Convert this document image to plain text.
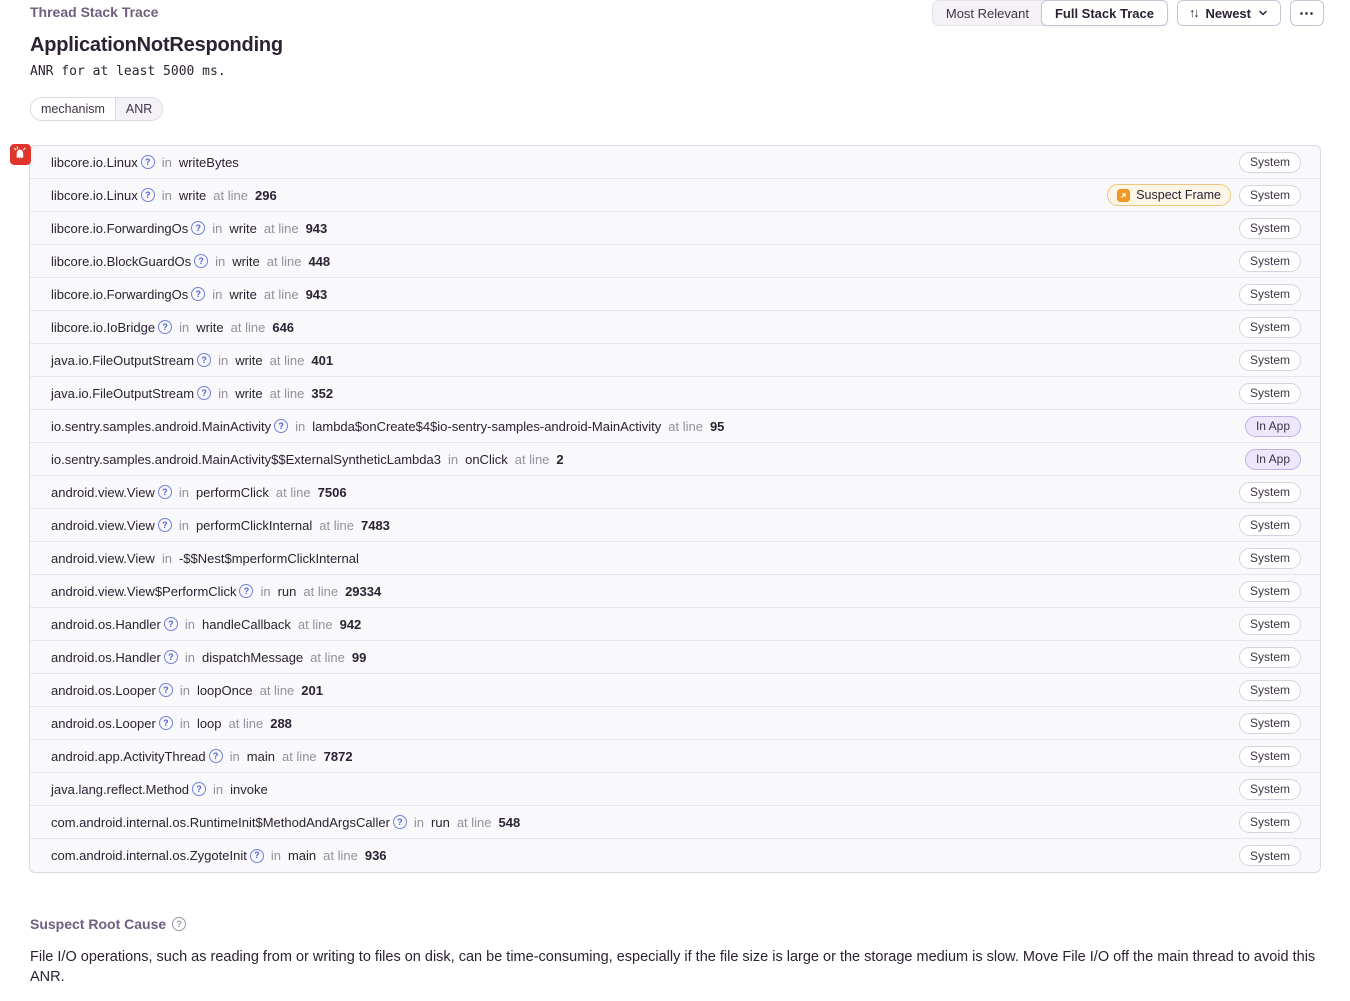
Thread Stack Trace	Most Relevant	Full Stack Trace	↑↓ Newest	⋯
ApplicationNotResponding
ANR for at least 5000 ms.
mechanism	ANR
libcore.io.Linux ? in writeBytes	System
libcore.io.Linux ? in write at line 296	Suspect Frame	System
libcore.io.ForwardingOs ? in write at line 943	System
libcore.io.BlockGuardOs ? in write at line 448	System
libcore.io.ForwardingOs ? in write at line 943	System
libcore.io.IoBridge ? in write at line 646	System
java.io.FileOutputStream ? in write at line 401	System
java.io.FileOutputStream ? in write at line 352	System
io.sentry.samples.android.MainActivity ? in lambda$onCreate$4$io-sentry-samples-android-MainActivity at line 95	In App
io.sentry.samples.android.MainActivity$$ExternalSyntheticLambda3 in onClick at line 2	In App
android.view.View ? in performClick at line 7506	System
android.view.View ? in performClickInternal at line 7483	System
android.view.View in -$$Nest$mperformClickInternal	System
android.view.View$PerformClick ? in run at line 29334	System
android.os.Handler ? in handleCallback at line 942	System
android.os.Handler ? in dispatchMessage at line 99	System
android.os.Looper ? in loopOnce at line 201	System
android.os.Looper ? in loop at line 288	System
android.app.ActivityThread ? in main at line 7872	System
java.lang.reflect.Method ? in invoke	System
com.android.internal.os.RuntimeInit$MethodAndArgsCaller ? in run at line 548	System
com.android.internal.os.ZygoteInit ? in main at line 936	System
Suspect Root Cause	?
File I/O operations, such as reading from or writing to files on disk, can be time-consuming, especially if the file size is large or the storage medium is slow. Move File I/O off the main thread to avoid this ANR.
